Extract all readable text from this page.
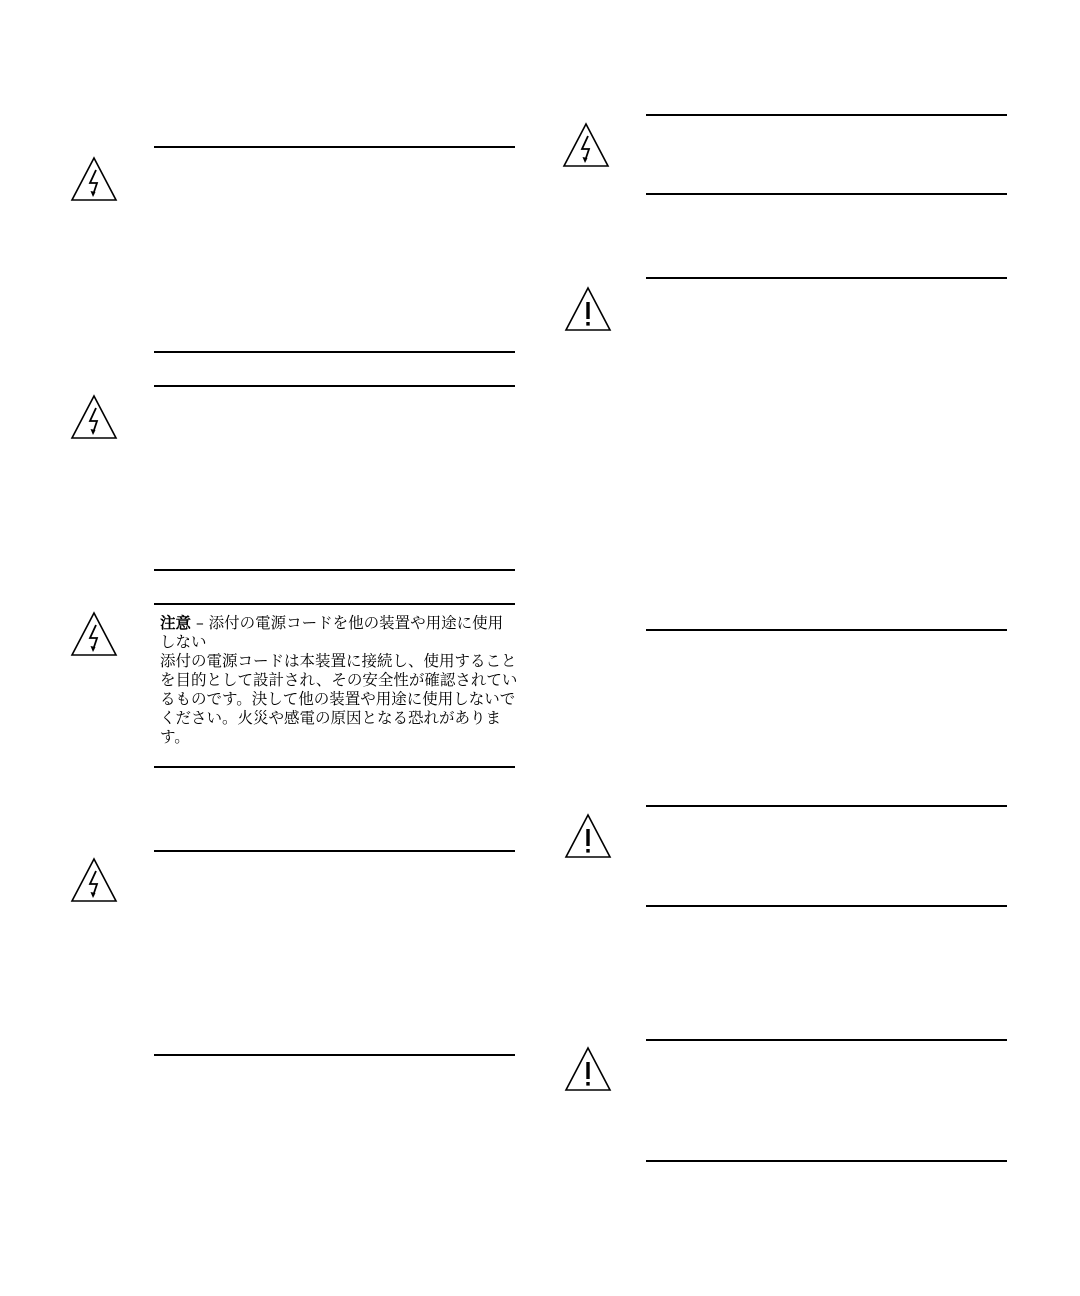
注意 – 添付の電源コードを他の装置や用途に使用しない
添付の電源コードは本装置に接続し、使用することを目的として設計され、その安全性が確認されているものです。決して他の装置や用途に使用しないでください。火災や感電の原因となる恐れがあります。
